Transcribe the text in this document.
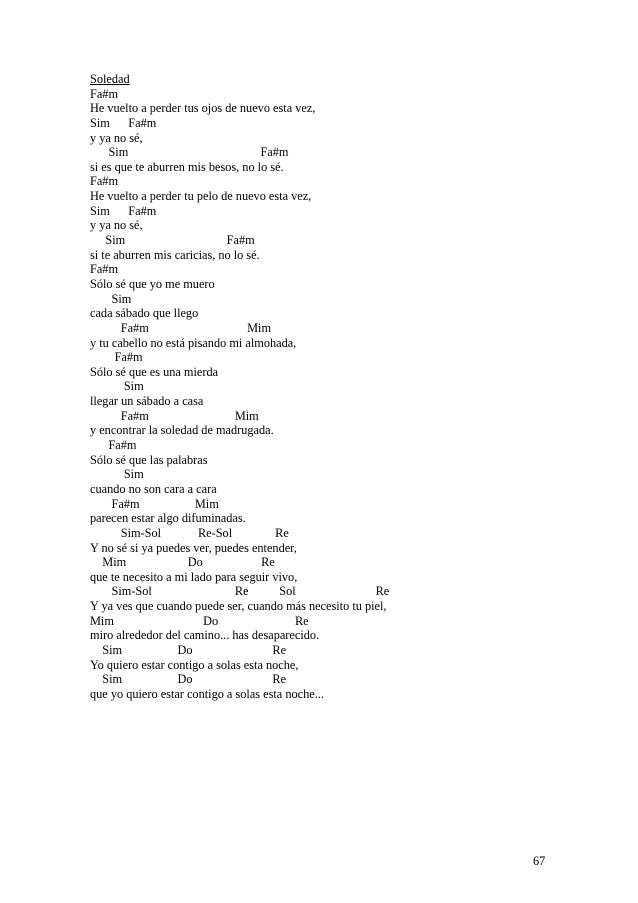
Soledad
Fa#m
He vuelto a perder tus ojos de nuevo esta vez,
Sim      Fa#m
y ya no sé,
Sim                                           Fa#m
si es que te aburren mis besos, no lo sé.
Fa#m
He vuelto a perder tu pelo de nuevo esta vez,
Sim      Fa#m
y ya no sé,
Sim                                 Fa#m
si te aburren mis caricias, no lo sé.
Fa#m
Sólo sé que yo me muero
Sim
cada sábado que llego
Fa#m                                Mim
y tu cabello no está pisando mi almohada,
Fa#m
Sólo sé que es una mierda
Sim
llegar un sábado a casa
Fa#m                            Mim
y encontrar la soledad de madrugada.
Fa#m
Sólo sé que las palabras
Sim
cuando no son cara a cara
Fa#m                  Mim
parecen estar algo difuminadas.
Sim-Sol            Re-Sol              Re
Y no sé si ya puedes ver, puedes entender,
Mim                    Do                   Re
que te necesito a mi lado para seguir vivo,
Sim-Sol                           Re          Sol                          Re
Y ya ves que cuando puede ser, cuando más necesito tu piel,
Mim                             Do                         Re
miro alrededor del camino... has desaparecido.
Sim                  Do                          Re
Yo quiero estar contigo a solas esta noche,
Sim                  Do                          Re
que yo quiero estar contigo a solas esta noche...
67
